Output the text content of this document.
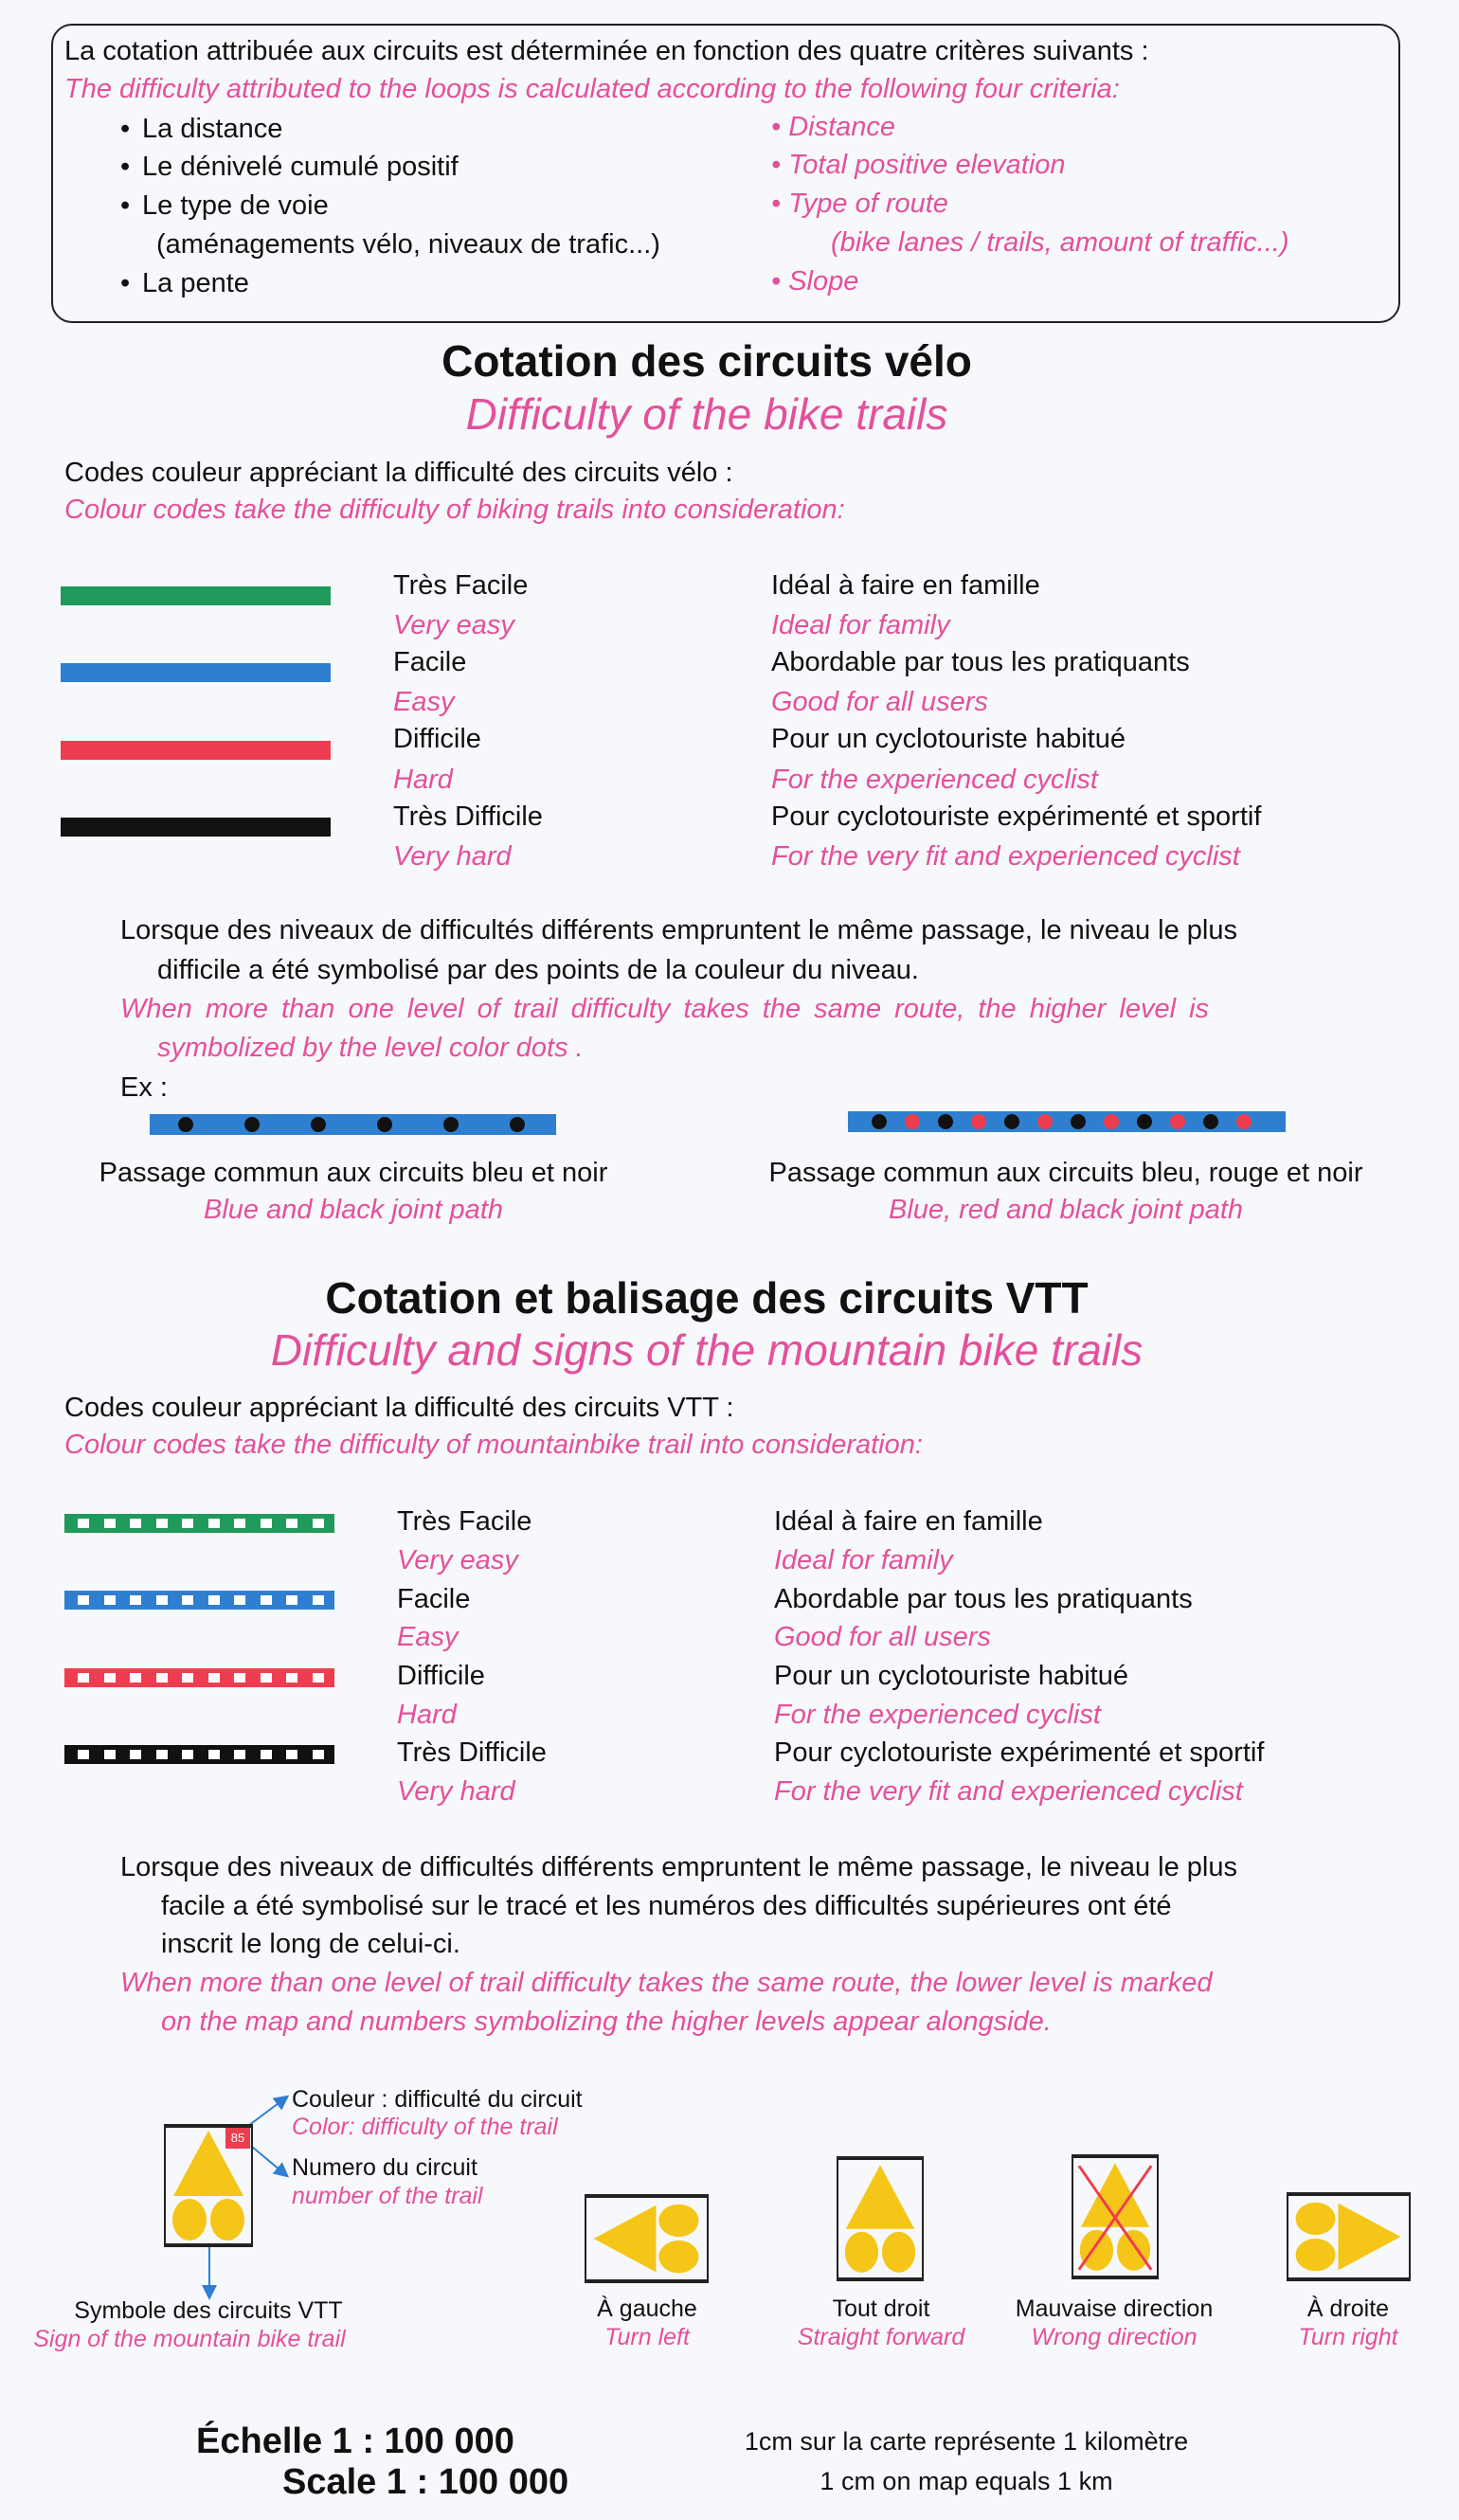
La cotation attribuée aux circuits est déterminée en fonction des quatre critères suivants :
The difficulty attributed to the loops is calculated according to the following four criteria:
• La distance
• Le dénivelé cumulé positif
• Le type de voie
(aménagements vélo, niveaux de trafic...)
• La pente
• Distance
• Total positive elevation
• Type of route
(bike lanes / trails, amount of traffic...)
• Slope
Cotation des circuits vélo
Difficulty of the bike trails
Codes couleur appréciant la difficulté des circuits vélo :
Colour codes take the difficulty of biking trails into consideration:
Très Facile
Very easy
Idéal à faire en famille
Ideal for family
Facile
Easy
Abordable par tous les pratiquants
Good for all users
Difficile
Hard
Pour un cyclotouriste habitué
For the experienced cyclist
Très Difficile
Very hard
Pour cyclotouriste expérimenté et sportif
For the very fit and experienced cyclist
Lorsque des niveaux de difficultés différents empruntent le même passage, le niveau le plus
difficile a été symbolisé par des points de la couleur du niveau.
When more than one level of trail difficulty takes the same route, the higher level is
symbolized by the level color dots .
Ex :
Passage commun aux circuits bleu et noir
Blue and black joint path
Passage commun aux circuits bleu, rouge et noir
Blue, red and black joint path
Cotation et balisage des circuits VTT
Difficulty and signs of the mountain bike trails
Codes couleur appréciant la difficulté des circuits VTT :
Colour codes take the difficulty of mountainbike trail into consideration:
Très Facile
Very easy
Idéal à faire en famille
Ideal for family
Facile
Easy
Abordable par tous les pratiquants
Good for all users
Difficile
Hard
Pour un cyclotouriste habitué
For the experienced cyclist
Très Difficile
Very hard
Pour cyclotouriste expérimenté et sportif
For the very fit and experienced cyclist
Lorsque des niveaux de difficultés différents empruntent le même passage, le niveau le plus
facile a été symbolisé sur le tracé et les numéros des difficultés supérieures ont été
inscrit le long de celui-ci.
When more than one level of trail difficulty takes the same route, the lower level is marked
on the map and numbers symbolizing the higher levels appear alongside.
85
Couleur : difficulté du circuit
Color: difficulty of the trail
Numero du circuit
number of the trail
Symbole des circuits VTT
Sign of the mountain bike trail
À gauche
Turn left
Tout droit
Straight forward
Mauvaise direction
Wrong direction
À droite
Turn right
Échelle 1 : 100 000
Scale 1 : 100 000
1cm sur la carte représente 1 kilomètre
1 cm on map equals 1 km
